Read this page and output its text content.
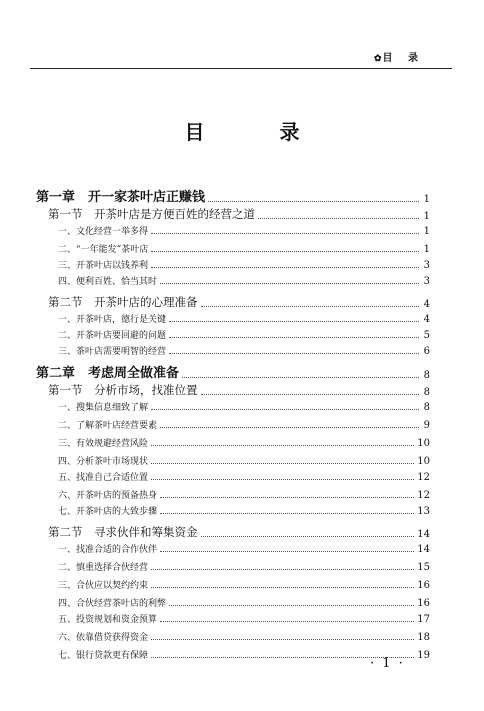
✿目 录
目 录
第一章　开一家茶叶店正赚钱	1
第一节　开茶叶店是方便百姓的经营之道	1
一、文化经营一举多得	1
二、“一年能发”茶叶店	1
三、开茶叶店以钱养利	3
四、便利百姓、恰当其时	3
第二节　开茶叶店的心理准备	4
一、开茶叶店，德行是关键	4
二、开茶叶店要回避的问题	5
三、茶叶店需要明智的经营	6
第二章　考虑周全做准备	8
第一节　分析市场，找准位置	8
一、搜集信息细致了解	8
二、了解茶叶店经营要素	9
三、有效规避经营风险	10
四、分析茶叶市场现状	10
五、找准自己合适位置	12
六、开茶叶店的预备热身	12
七、开茶叶店的大致步骤	13
第二节　寻求伙伴和筹集资金	14
一、找准合适的合作伙伴	14
二、慎重选择合伙经营	15
三、合伙应以契约约束	16
四、合伙经营茶叶店的利弊	16
五、投资规划和资金预算	17
六、依靠借贷获得资金	18
七、银行贷款更有保障	19
· 1 ·
